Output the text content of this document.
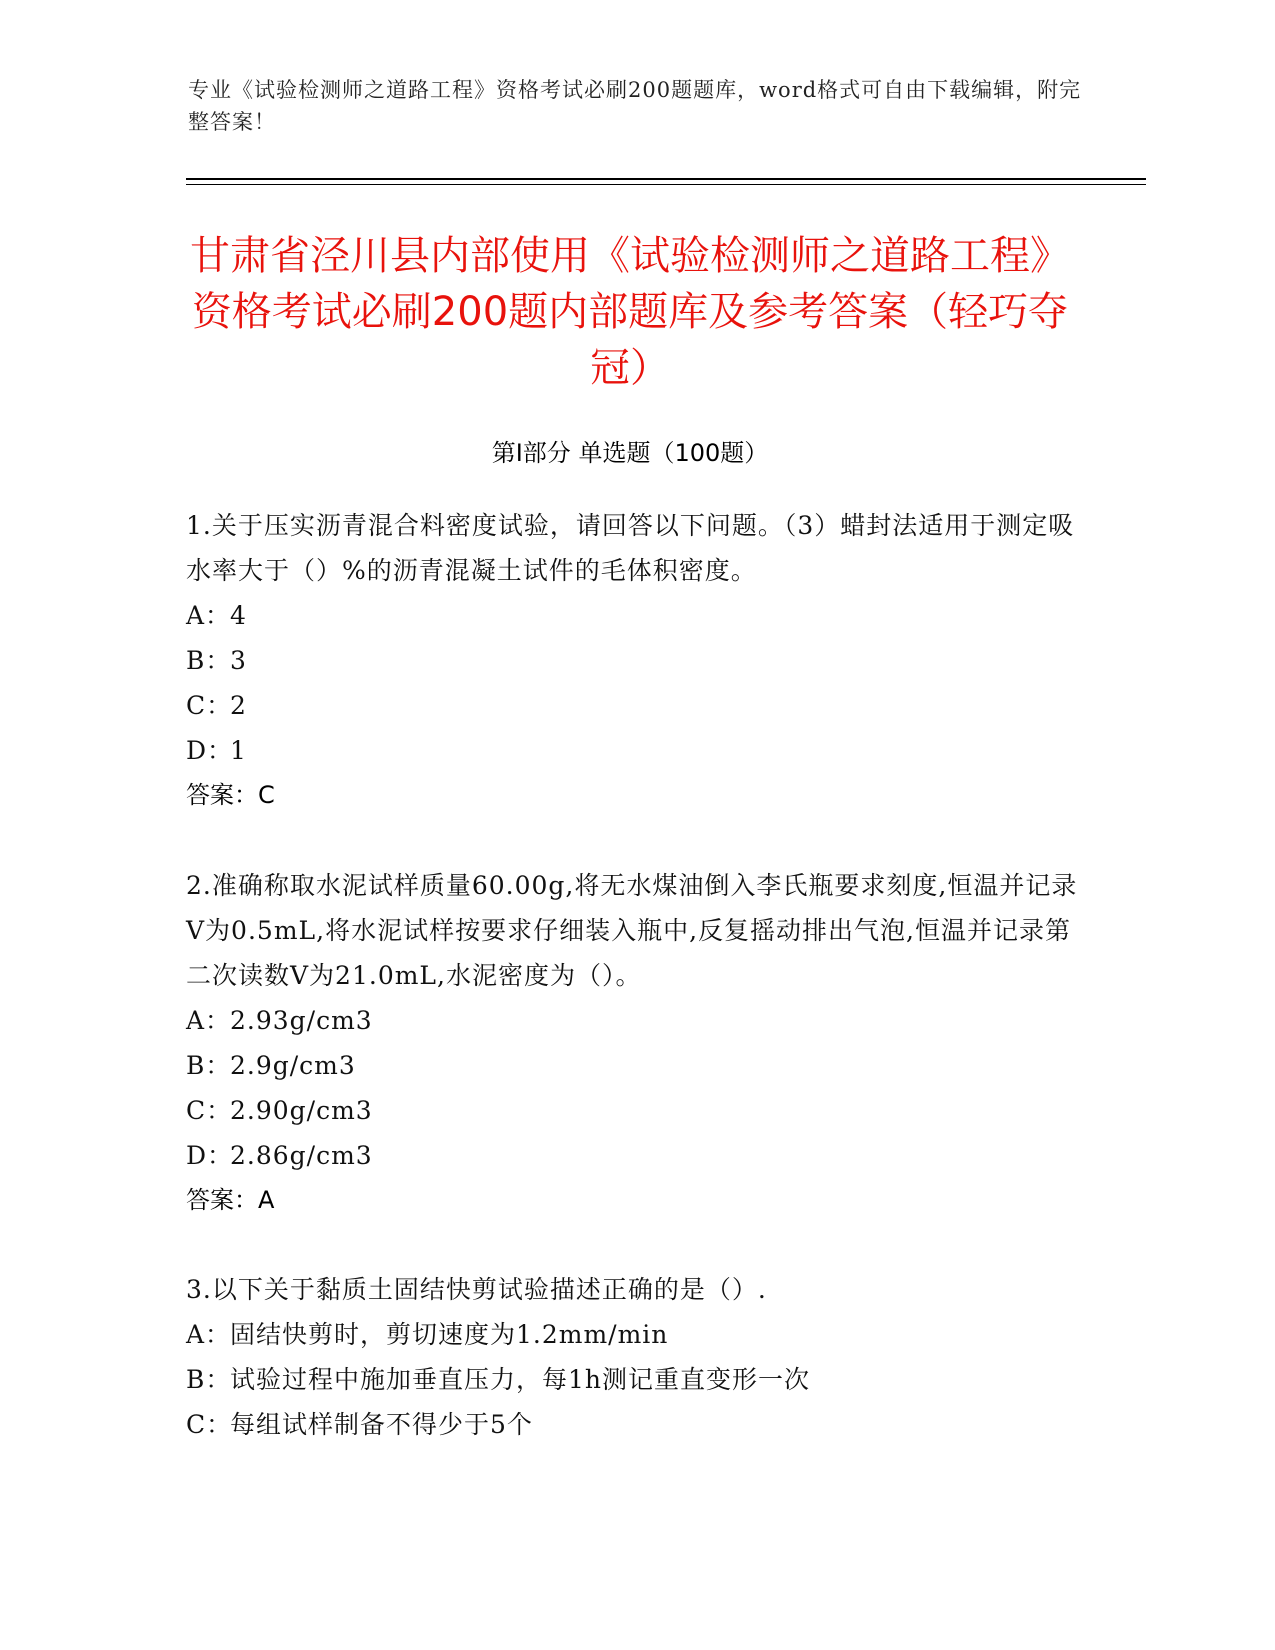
专业《试验检测师之道路工程》资格考试必刷200题题库，word格式可自由下载编辑，附完整答案！
甘肃省泾川县内部使用《试验检测师之道路工程》资格考试必刷200题内部题库及参考答案（轻巧夺冠）
第Ⅰ部分 单选题（100题）
1.关于压实沥青混合料密度试验，请回答以下问题。（3）蜡封法适用于测定吸水率大于（）%的沥青混凝土试件的毛体积密度。
A：4
B：3
C：2
D：1
答案：C
2.准确称取水泥试样质量60.00g,将无水煤油倒入李氏瓶要求刻度,恒温并记录V为0.5mL,将水泥试样按要求仔细装入瓶中,反复摇动排出气泡,恒温并记录第二次读数V为21.0mL,水泥密度为（）。
A：2.93g/cm3
B：2.9g/cm3
C：2.90g/cm3
D：2.86g/cm3
答案：A
3.以下关于黏质土固结快剪试验描述正确的是（）.
A：固结快剪时，剪切速度为1.2mm/min
B：试验过程中施加垂直压力，每1h测记重直变形一次
C：每组试样制备不得少于5个
